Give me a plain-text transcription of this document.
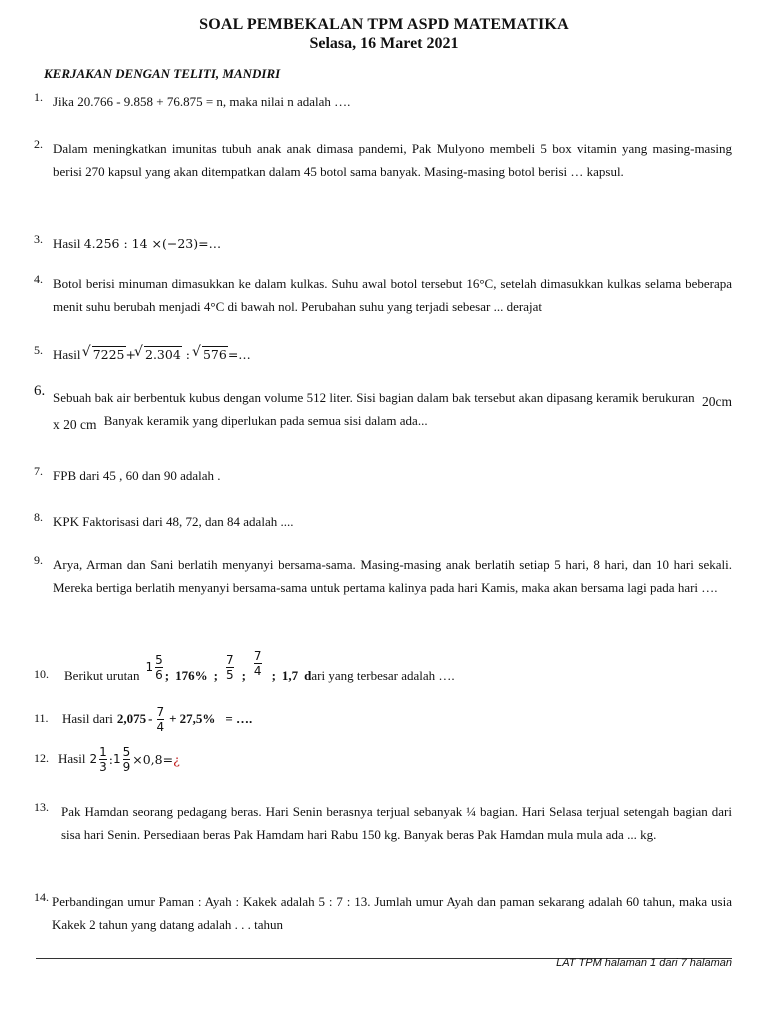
SOAL PEMBEKALAN TPM ASPD MATEMATIKA
Selasa, 16 Maret 2021
KERJAKAN DENGAN TELITI, MANDIRI
1. Jika 20.766 - 9.858 + 76.875 = n, maka nilai n adalah ….
2. Dalam meningkatkan imunitas tubuh anak anak dimasa pandemi, Pak Mulyono membeli 5 box vitamin yang masing-masing berisi 270 kapsul yang akan ditempatkan dalam 45 botol sama banyak. Masing-masing botol berisi … kapsul.
3. Hasil 4.256 : 14 ×(−23)=…
4. Botol berisi minuman dimasukkan ke dalam kulkas. Suhu awal botol tersebut 16°C, setelah dimasukkan kulkas selama beberapa menit suhu berubah menjadi 4°C di bawah nol. Perubahan suhu yang terjadi sebesar ... derajat
5. Hasil √ 7225+ √ 2.304 : √ 576=…
6. Sebuah bak air berbentuk kubus dengan volume 512 liter. Sisi bagian dalam bak tersebut akan dipasang keramik berukuran 20cm x 20 cm Banyak keramik yang diperlukan pada semua sisi dalam ada...
7. FPB dari 45 , 60 dan 90 adalah .
8. KPK Faktorisasi dari 48, 72, dan 84 adalah ....
9. Arya, Arman dan Sani berlatih menyanyi bersama-sama. Masing-masing anak berlatih setiap 5 hari, 8 hari, dan 10 hari sekali. Mereka bertiga berlatih menyanyi bersama-sama untuk pertama kalinya pada hari Kamis, maka akan bersama lagi pada hari ….
10. Berikut urutan
$1 \frac{5}{6}$ ; 176% ; $\frac{7}{5}$ ; $\frac{7}{4}$ ; 1,7 d ari yang terbesar adalah ….
11. Hasil dari $2,075 - \frac{7}{4} + 27,5\%$ = ….
12. Hasil $2 \frac{1}{3}$ : $1 \frac{5}{9} \times 0,8=$ ¿
13. Pak Hamdan seorang pedagang beras. Hari Senin berasnya terjual sebanyak ¼ bagian. Hari Selasa terjual setengah bagian dari sisa hari Senin. Persediaan beras Pak Hamdam hari Rabu 150 kg. Banyak beras Pak Hamdan mula mula ada ... kg.
14. Perbandingan umur Paman : Ayah : Kakek adalah 5 : 7 : 13. Jumlah umur Ayah dan paman sekarang adalah 60 tahun, maka usia Kakek 2 tahun yang datang adalah . . . tahun
LAT TPM halaman 1 dari 7 halaman
